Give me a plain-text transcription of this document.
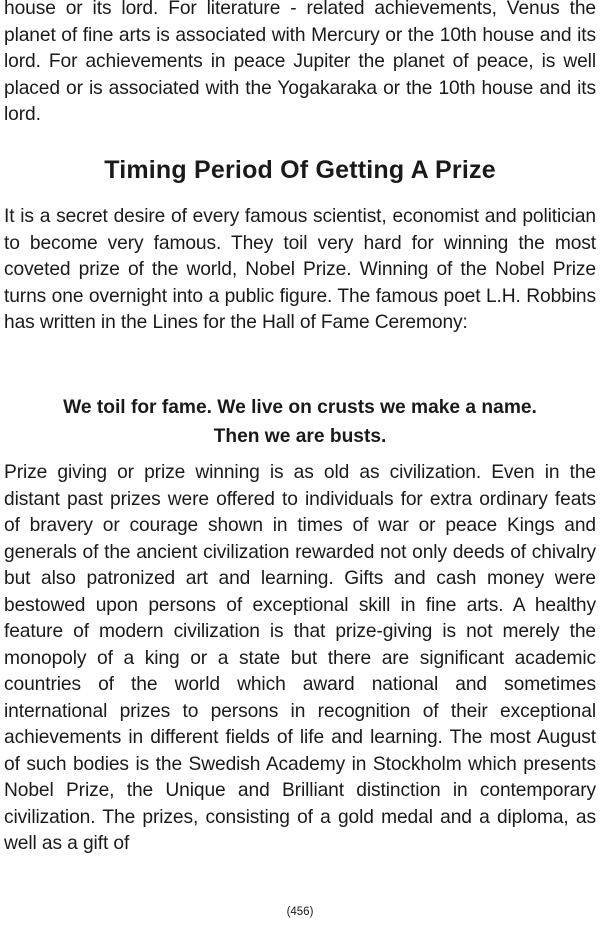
house or its lord. For literature - related achievements, Venus the planet of fine arts is associated with Mercury or the 10th house and its lord. For achievements in peace Jupiter the planet of peace, is well placed or is associated with the Yogakaraka or the 10th house and its lord.

Timing Period Of Getting A Prize

It is a secret desire of every famous scientist, economist and politician to become very famous. They toil very hard for winning the most coveted prize of the world, Nobel Prize. Winning of the Nobel Prize turns one overnight into a public figure. The famous poet L.H. Robbins has written in the Lines for the Hall of Fame Ceremony:

We toil for fame. We live on crusts we make a name.
Then we are busts.

Prize giving or prize winning is as old as civilization. Even in the distant past prizes were offered to individuals for extra ordinary feats of bravery or courage shown in times of war or peace Kings and generals of the ancient civilization rewarded not only deeds of chivalry but also patronized art and learning. Gifts and cash money were bestowed upon persons of exceptional skill in fine arts. A healthy feature of modern civilization is that prize-giving is not merely the monopoly of a king or a state but there are significant academic countries of the world which award national and sometimes international prizes to persons in recognition of their exceptional achievements in different fields of life and learning. The most August of such bodies is the Swedish Academy in Stockholm which presents Nobel Prize, the Unique and Brilliant distinction in contemporary civilization. The prizes, consisting of a gold medal and a diploma, as well as a gift of

(456)
